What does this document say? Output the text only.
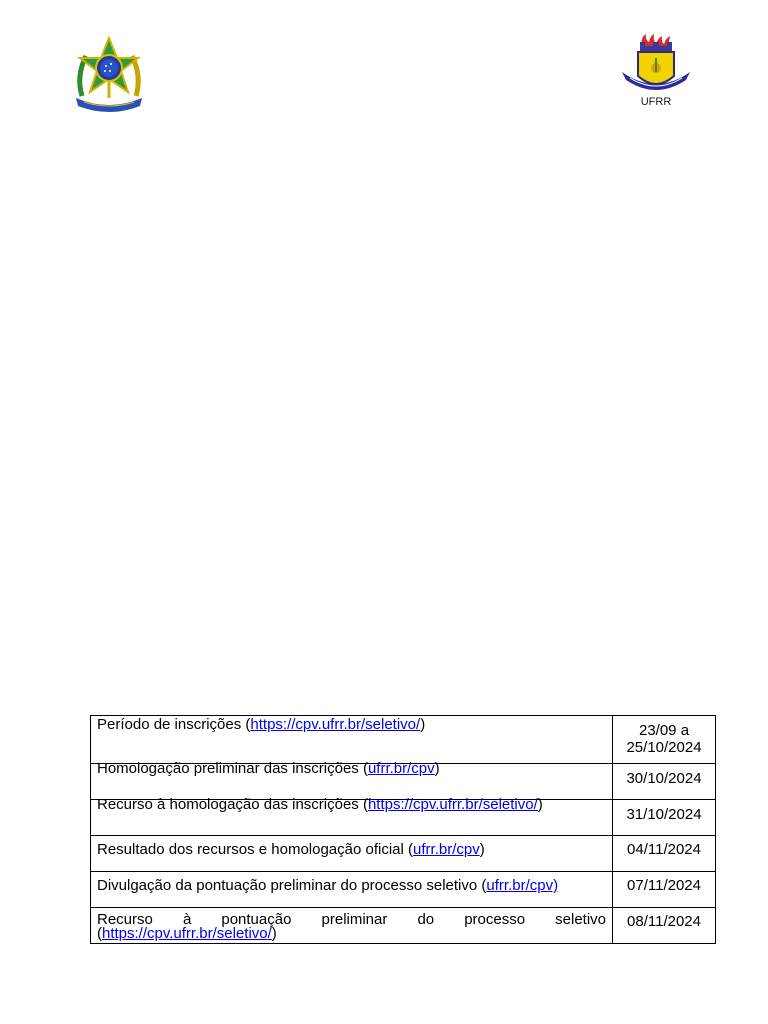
UFRR
Período de inscrições (https://cpv.ufrr.br/seletivo/)	23/09 a
25/10/2024

Homologação preliminar das inscrições (ufrr.br/cpv)	30/10/2024

Recurso à homologação das inscrições (https://cpv.ufrr.br/seletivo/)	31/10/2024

Resultado dos recursos e homologação oficial (ufrr.br/cpv)	04/11/2024

Divulgação da pontuação preliminar do processo seletivo (ufrr.br/cpv)	07/11/2024

Recurso à pontuação preliminar do processo seletivo
(https://cpv.ufrr.br/seletivo/)	08/11/2024
